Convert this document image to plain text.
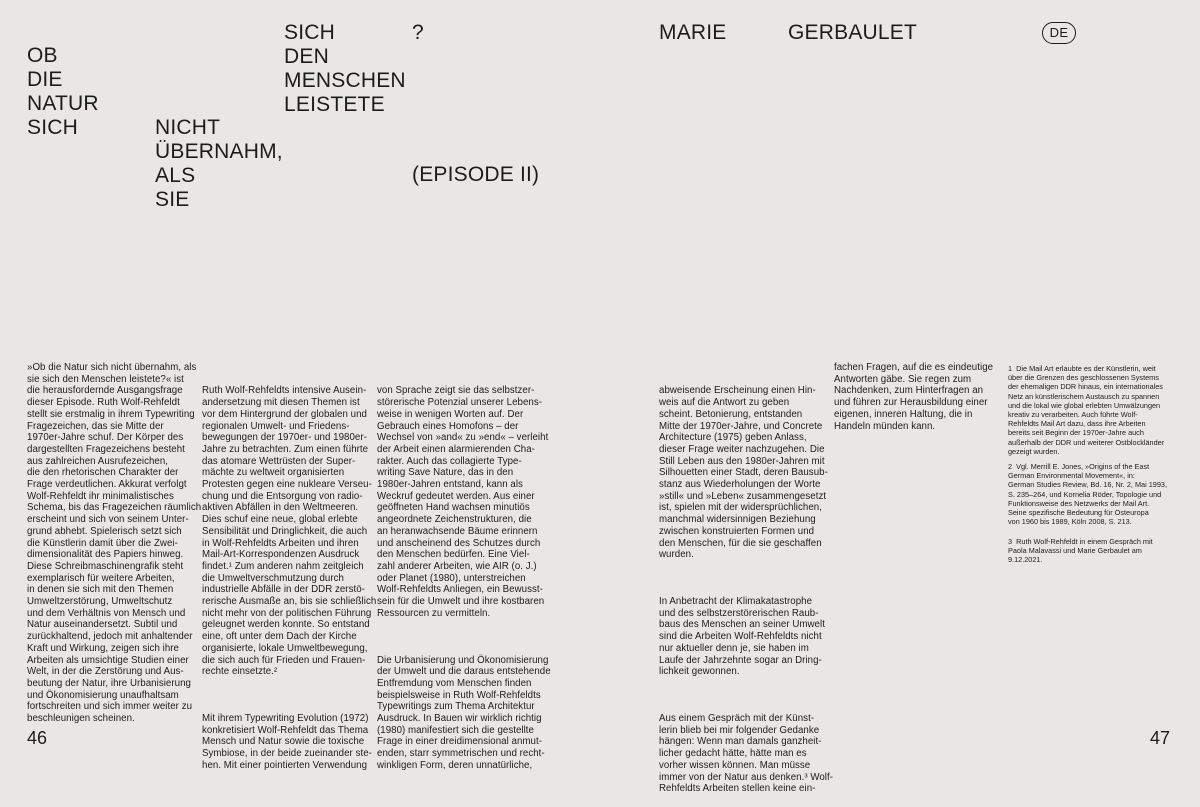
OB
DIE
NATUR
SICH	NICHT
ÜBERNAHM,
ALS
SIE
SICH
DEN
MENSCHEN
LEISTETE
?
(EPISODE II)
MARIE	GERBAULET	DE
»Ob die Natur sich nicht übernahm, als
sie sich den Menschen leistete?« ist
die herausfordernde Ausgangsfrage
dieser Episode. Ruth Wolf-Rehfeldt
stellt sie erstmalig in ihrem Typewriting
Fragezeichen, das sie Mitte der
1970er-Jahre schuf. Der Körper des
dargestellten Fragezeichens besteht
aus zahlreichen Ausrufezeichen,
die den rhetorischen Charakter der
Frage verdeutlichen. Akkurat verfolgt
Wolf-Rehfeldt ihr minimalistisches
Schema, bis das Fragezeichen räumlich
erscheint und sich von seinem Unter-
grund abhebt. Spielerisch setzt sich
die Künstlerin damit über die Zwei-
dimensionalität des Papiers hinweg.
Diese Schreibmaschinengrafik steht
exemplarisch für weitere Arbeiten,
in denen sie sich mit den Themen
Umweltzerstörung, Umweltschutz
und dem Verhältnis von Mensch und
Natur auseinandersetzt. Subtil und
zurückhaltend, jedoch mit anhaltender
Kraft und Wirkung, zeigen sich ihre
Arbeiten als umsichtige Studien einer
Welt, in der die Zerstörung und Aus-
beutung der Natur, ihre Urbanisierung
und Ökonomisierung unaufhaltsam
fortschreiten und sich immer weiter zu
beschleunigen scheinen.

Ruth Wolf-Rehfeldts intensive Ausein-
andersetzung mit diesen Themen ist
vor dem Hintergrund der globalen und
regionalen Umwelt- und Friedens-
bewegungen der 1970er- und 1980er-
Jahre zu betrachten. Zum einen führte
das atomare Wettrüsten der Super-
mächte zu weltweit organisierten
Protesten gegen eine nukleare Verseu-
chung und die Entsorgung von radio-
aktiven Abfällen in den Weltmeeren.
Dies schuf eine neue, global erlebte
Sensibilität und Dringlichkeit, die auch
in Wolf-Rehfeldts Arbeiten und ihren
Mail-Art-Korrespondenzen Ausdruck
findet.¹ Zum anderen nahm zeitgleich
die Umweltverschmutzung durch
industrielle Abfälle in der DDR zerstö-
rerische Ausmaße an, bis sie schließlich
nicht mehr von der politischen Führung
geleugnet werden konnte. So entstand
eine, oft unter dem Dach der Kirche
organisierte, lokale Umweltbewegung,
die sich auch für Frieden und Frauen-
rechte einsetzte.²

Mit ihrem Typewriting Evolution (1972)
konkretisiert Wolf-Rehfeldt das Thema
Mensch und Natur sowie die toxische
Symbiose, in der beide zueinander ste-
hen. Mit einer pointierten Verwendung

von Sprache zeigt sie das selbstzer-
störerische Potenzial unserer Lebens-
weise in wenigen Worten auf. Der
Gebrauch eines Homofons – der
Wechsel von »and« zu »end« – verleiht
der Arbeit einen alarmierenden Cha-
rakter. Auch das collagierte Type-
writing Save Nature, das in den
1980er-Jahren entstand, kann als
Weckruf gedeutet werden. Aus einer
geöffneten Hand wachsen minutiös
angeordnete Zeichenstrukturen, die
an heranwachsende Bäume erinnern
und anscheinend des Schutzes durch
den Menschen bedürfen. Eine Viel-
zahl anderer Arbeiten, wie AIR (o. J.)
oder Planet (1980), unterstreichen
Wolf-Rehfeldts Anliegen, ein Bewusst-
sein für die Umwelt und ihre kostbaren
Ressourcen zu vermitteln.

Die Urbanisierung und Ökonomisierung
der Umwelt und die daraus entstehende
Entfremdung vom Menschen finden
beispielsweise in Ruth Wolf-Rehfeldts
Typewritings zum Thema Architektur
Ausdruck. In Bauen wir wirklich richtig
(1980) manifestiert sich die gestellte
Frage in einer dreidimensional anmut-
enden, starr symmetrischen und recht-
winkligen Form, deren unnatürliche,

abweisende Erscheinung einen Hin-
weis auf die Antwort zu geben
scheint. Betonierung, entstanden
Mitte der 1970er-Jahre, und Concrete
Architecture (1975) geben Anlass,
dieser Frage weiter nachzugehen. Die
Still Leben aus den 1980er-Jahren mit
Silhouetten einer Stadt, deren Bausub-
stanz aus Wiederholungen der Worte
»still« und »Leben« zusammengesetzt
ist, spielen mit der widersprüchlichen,
manchmal widersinnigen Beziehung
zwischen konstruierten Formen und
den Menschen, für die sie geschaffen
wurden.

In Anbetracht der Klimakatastrophe
und des selbstzerstörerischen Raub-
baus des Menschen an seiner Umwelt
sind die Arbeiten Wolf-Rehfeldts nicht
nur aktueller denn je, sie haben im
Laufe der Jahrzehnte sogar an Dring-
lichkeit gewonnen.

Aus einem Gespräch mit der Künst-
lerin blieb bei mir folgender Gedanke
hängen: Wenn man damals ganzheit-
licher gedacht hätte, hätte man es
vorher wissen können. Man müsse
immer von der Natur aus denken.³ Wolf-
Rehfeldts Arbeiten stellen keine ein-

fachen Fragen, auf die es eindeutige
Antworten gäbe. Sie regen zum
Nachdenken, zum Hinterfragen an
und führen zur Herausbildung einer
eigenen, inneren Haltung, die in
Handeln münden kann.
1  Die Mail Art erlaubte es der Künstlerin, weit
über die Grenzen des geschlossenen Systems
der ehemaligen DDR hinaus, ein internationales
Netz an künstlerischem Austausch zu spannen
und die lokal wie global erlebten Umwälzungen
kreativ zu verarbeiten. Auch führte Wolf-
Rehfeldts Mail Art dazu, dass ihre Arbeiten
bereits seit Beginn der 1970er-Jahre auch
außerhalb der DDR und weiterer Ostblockländer
gezeigt wurden.
2  Vgl. Merrill E. Jones, »Origins of the East
German Environmental Movement«, in:
German Studies Review, Bd. 16, Nr. 2, Mai 1993,
S. 235–264, und Kornelia Röder, Topologie und
Funktionsweise des Netzwerks der Mail Art.
Seine spezifische Bedeutung für Osteuropa
von 1960 bis 1989, Köln 2008, S. 213.
3  Ruth Wolf-Rehfeldt in einem Gespräch mit
Paola Malavassi und Marie Gerbaulet am
9.12.2021.
46	47
